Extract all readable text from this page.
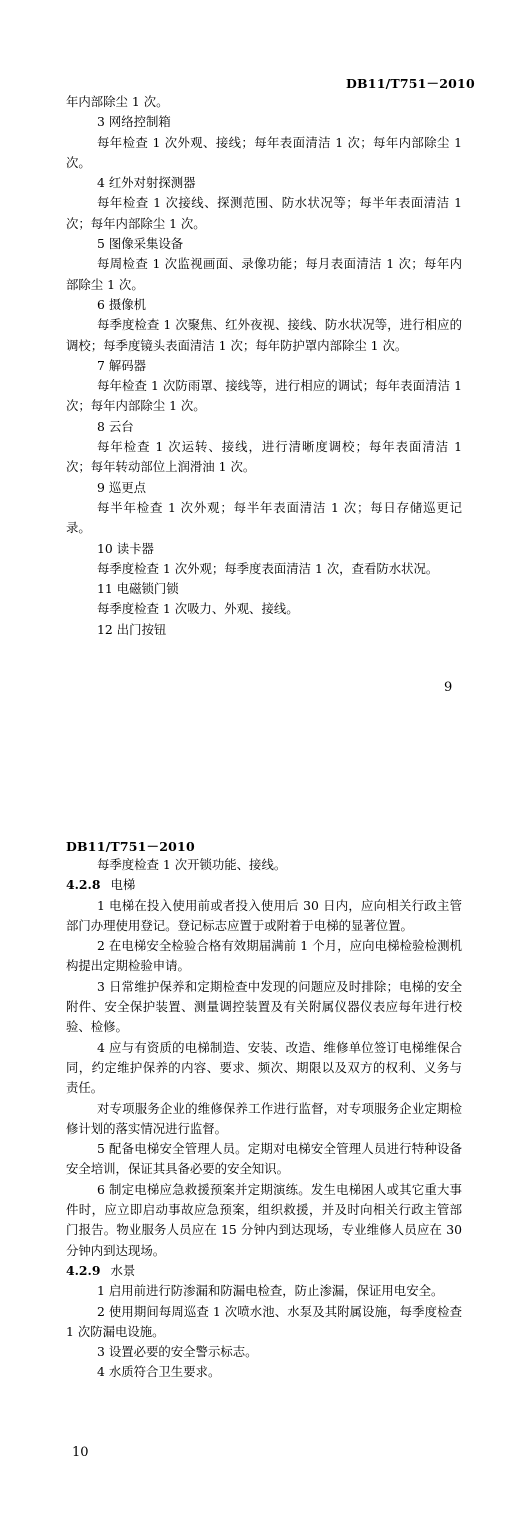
DB11/T751－2010

年内部除尘 1 次。

3 网络控制箱

每年检查 1 次外观、接线；每年表面清洁 1 次；每年内部除尘 1 次。

4 红外对射探测器

每年检查 1 次接线、探测范围、防水状况等；每半年表面清洁 1 次；每年内部除尘 1 次。

5 图像采集设备

每周检查 1 次监视画面、录像功能；每月表面清洁 1 次；每年内部除尘 1 次。

6 摄像机

每季度检查 1 次聚焦、红外夜视、接线、防水状况等，进行相应的调校；每季度镜头表面清洁 1 次；每年防护罩内部除尘 1 次。

7 解码器

每年检查 1 次防雨罩、接线等，进行相应的调试；每年表面清洁 1 次；每年内部除尘 1 次。

8 云台

每年检查 1 次运转、接线，进行清晰度调校；每年表面清洁 1 次；每年转动部位上润滑油 1 次。

9 巡更点

每半年检查 1 次外观；每半年表面清洁 1 次；每日存储巡更记录。

10 读卡器

每季度检查 1 次外观；每季度表面清洁 1 次，查看防水状况。

11 电磁锁门锁

每季度检查 1 次吸力、外观、接线。

12 出门按钮

9
DB11/T751－2010

每季度检查 1 次开锁功能、接线。

4.2.8 电梯

1 电梯在投入使用前或者投入使用后 30 日内，应向相关行政主管部门办理使用登记。登记标志应置于或附着于电梯的显著位置。

2 在电梯安全检验合格有效期届满前 1 个月，应向电梯检验检测机构提出定期检验申请。

3 日常维护保养和定期检查中发现的问题应及时排除；电梯的安全附件、安全保护装置、测量调控装置及有关附属仪器仪表应每年进行校验、检修。

4 应与有资质的电梯制造、安装、改造、维修单位签订电梯维保合同，约定维护保养的内容、要求、频次、期限以及双方的权利、义务与责任。

对专项服务企业的维修保养工作进行监督，对专项服务企业定期检修计划的落实情况进行监督。

5 配备电梯安全管理人员。定期对电梯安全管理人员进行特种设备安全培训，保证其具备必要的安全知识。

6 制定电梯应急救援预案并定期演练。发生电梯困人或其它重大事件时，应立即启动事故应急预案，组织救援，并及时向相关行政主管部门报告。物业服务人员应在 15 分钟内到达现场，专业维修人员应在 30 分钟内到达现场。

4.2.9 水景

1 启用前进行防渗漏和防漏电检查，防止渗漏，保证用电安全。

2 使用期间每周巡查 1 次喷水池、水泵及其附属设施，每季度检查 1 次防漏电设施。

3 设置必要的安全警示标志。

4 水质符合卫生要求。

10
